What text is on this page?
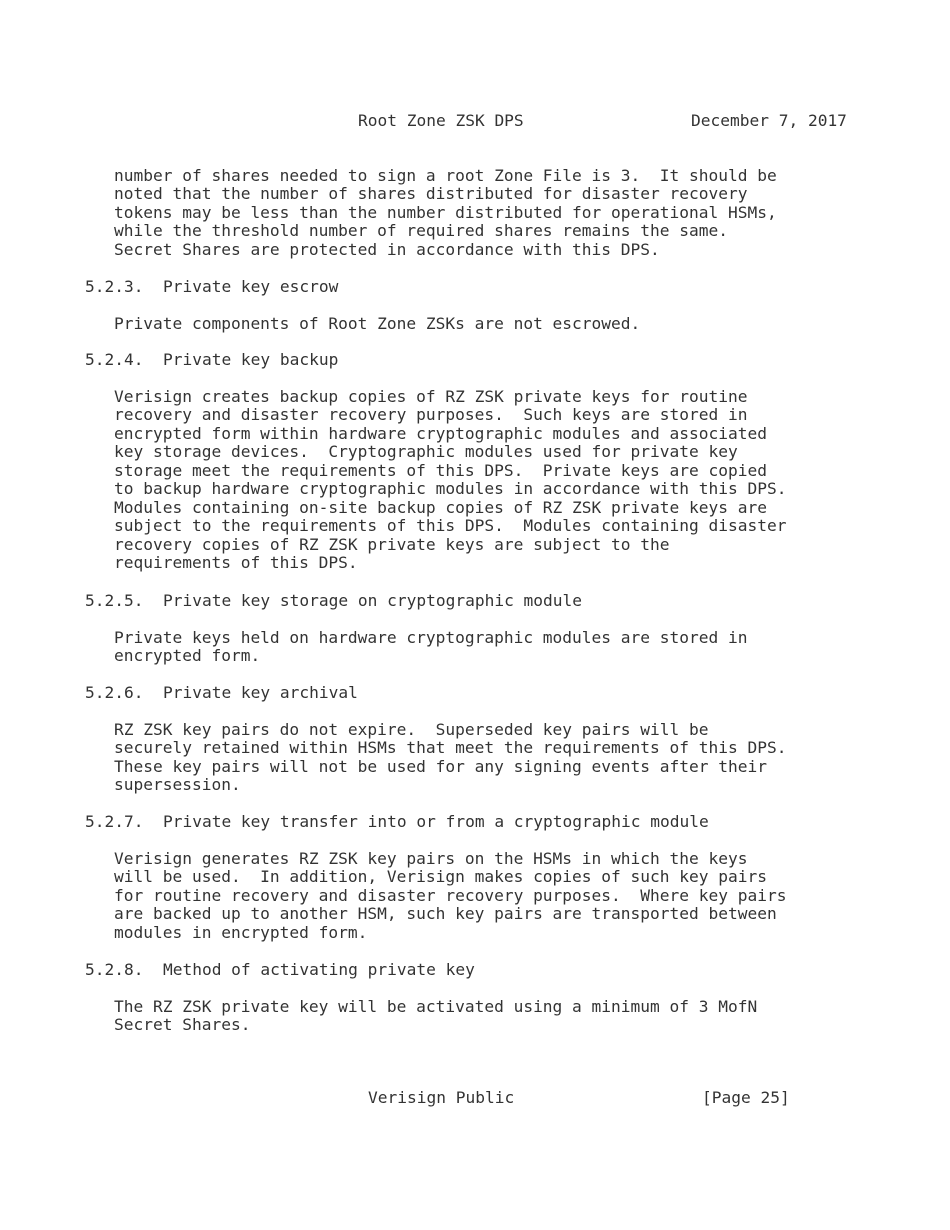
Root Zone ZSK DPS	December 7, 2017
number of shares needed to sign a root Zone File is 3.  It should be
noted that the number of shares distributed for disaster recovery
tokens may be less than the number distributed for operational HSMs,
while the threshold number of required shares remains the same.
Secret Shares are protected in accordance with this DPS.
5.2.3.  Private key escrow
Private components of Root Zone ZSKs are not escrowed.
5.2.4.  Private key backup
Verisign creates backup copies of RZ ZSK private keys for routine
recovery and disaster recovery purposes.  Such keys are stored in
encrypted form within hardware cryptographic modules and associated
key storage devices.  Cryptographic modules used for private key
storage meet the requirements of this DPS.  Private keys are copied
to backup hardware cryptographic modules in accordance with this DPS.
Modules containing on-site backup copies of RZ ZSK private keys are
subject to the requirements of this DPS.  Modules containing disaster
recovery copies of RZ ZSK private keys are subject to the
requirements of this DPS.
5.2.5.  Private key storage on cryptographic module
Private keys held on hardware cryptographic modules are stored in
encrypted form.
5.2.6.  Private key archival
RZ ZSK key pairs do not expire.  Superseded key pairs will be
securely retained within HSMs that meet the requirements of this DPS.
These key pairs will not be used for any signing events after their
supersession.
5.2.7.  Private key transfer into or from a cryptographic module
Verisign generates RZ ZSK key pairs on the HSMs in which the keys
will be used.  In addition, Verisign makes copies of such key pairs
for routine recovery and disaster recovery purposes.  Where key pairs
are backed up to another HSM, such key pairs are transported between
modules in encrypted form.
5.2.8.  Method of activating private key
The RZ ZSK private key will be activated using a minimum of 3 MofN
Secret Shares.
Verisign Public	[Page 25]
